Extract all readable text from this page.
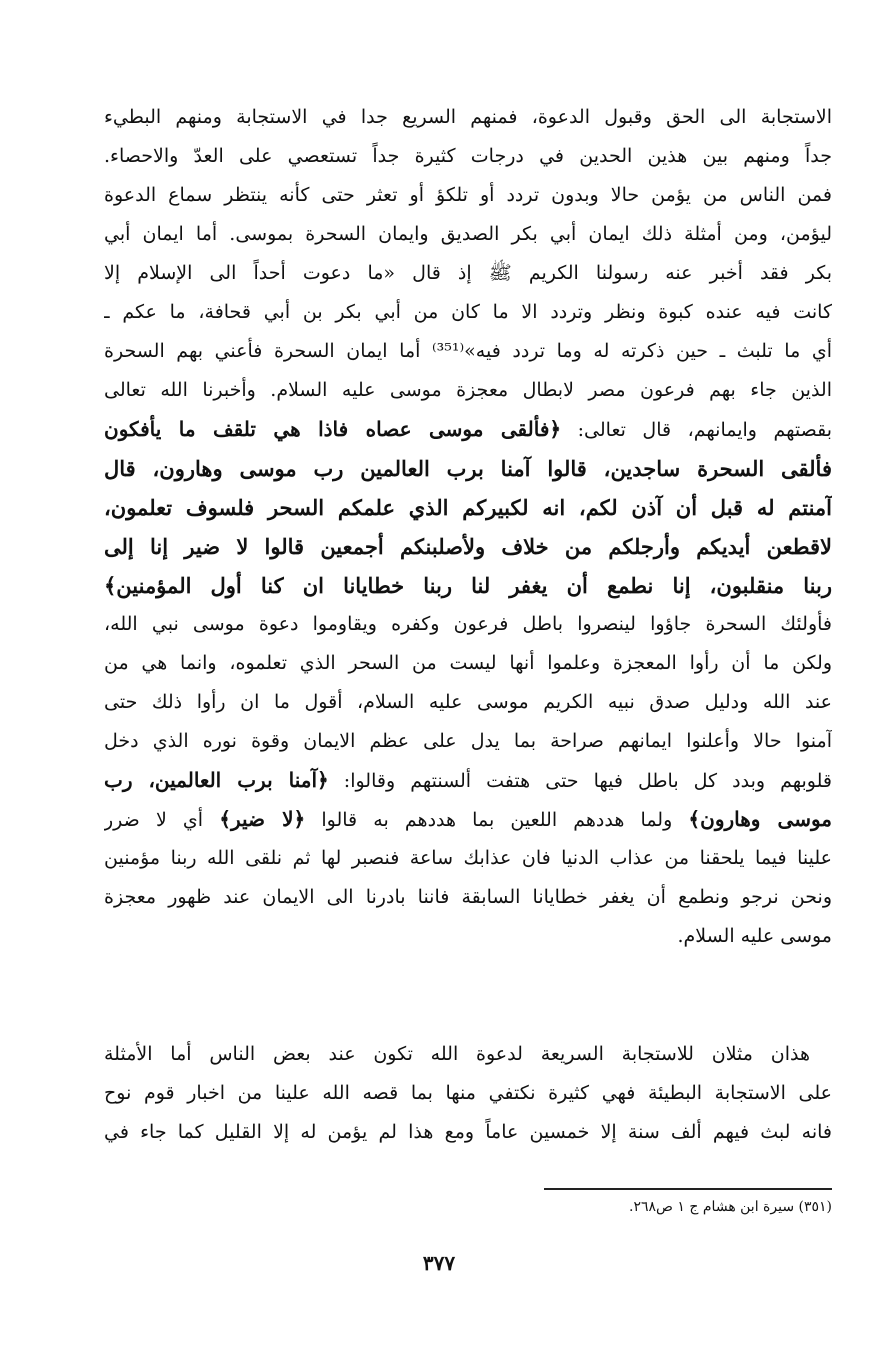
الاستجابة الى الحق وقبول الدعوة، فمنهم السريع جدا في الاستجابة ومنهم البطيء
جداً ومنهم بين هذين الحدين في درجات كثيرة جداً تستعصي على العدّ والاحصاء.
فمن الناس من يؤمن حالا وبدون تردد أو تلكؤ أو تعثر حتى كأنه ينتظر سماع الدعوة
ليؤمن، ومن أمثلة ذلك ايمان أبي بكر الصديق وايمان السحرة بموسى. أما ايمان أبي
بكر فقد أخبر عنه رسولنا الكريم ﷺ إذ قال «ما دعوت أحداً الى الإسلام إلا
كانت فيه عنده كبوة ونظر وتردد الا ما كان من أبي بكر بن أبي قحافة، ما عكم ـ
أي ما تلبث ـ حين ذكرته له وما تردد فيه»⁽³⁵¹⁾ أما ايمان السحرة فأعني بهم السحرة
الذين جاء بهم فرعون مصر لابطال معجزة موسى عليه السلام. وأخبرنا الله تعالى
بقصتهم وايمانهم، قال تعالى: ﴿فألقى موسى عصاه فاذا هي تلقف ما يأفكون
فألقى السحرة ساجدين، قالوا آمنا برب العالمين رب موسى وهارون، قال
آمنتم له قبل أن آذن لكم، انه لكبيركم الذي علمكم السحر فلسوف تعلمون،
لاقطعن أيديكم وأرجلكم من خلاف ولأصلبنكم أجمعين قالوا لا ضير إنا إلى
ربنا منقلبون، إنا نطمع أن يغفر لنا ربنا خطايانا ان كنا أول المؤمنين﴾
فأولئك السحرة جاؤوا لينصروا باطل فرعون وكفره ويقاوموا دعوة موسى نبي الله،
ولكن ما أن رأوا المعجزة وعلموا أنها ليست من السحر الذي تعلموه، وانما هي من
عند الله ودليل صدق نبيه الكريم موسى عليه السلام، أقول ما ان رأوا ذلك حتى
آمنوا حالا وأعلنوا ايمانهم صراحة بما يدل على عظم الايمان وقوة نوره الذي دخل
قلوبهم وبدد كل باطل فيها حتى هتفت ألسنتهم وقالوا: ﴿آمنا برب العالمين، رب
موسى وهارون﴾ ولما هددهم اللعين بما هددهم به قالوا ﴿لا ضير﴾ أي لا ضرر
علينا فيما يلحقنا من عذاب الدنيا فان عذابك ساعة فنصبر لها ثم نلقى الله ربنا مؤمنين
ونحن نرجو ونطمع أن يغفر خطايانا السابقة فاننا بادرنا الى الايمان عند ظهور معجزة
موسى عليه السلام.
هذان مثلان للاستجابة السريعة لدعوة الله تكون عند بعض الناس أما الأمثلة
على الاستجابة البطيئة فهي كثيرة نكتفي منها بما قصه الله علينا من اخبار قوم نوح
فانه لبث فيهم ألف سنة إلا خمسين عاماً ومع هذا لم يؤمن له إلا القليل كما جاء في
(٣٥١) سيرة ابن هشام ج ١ ص٢٦٨.
٣٧٧
